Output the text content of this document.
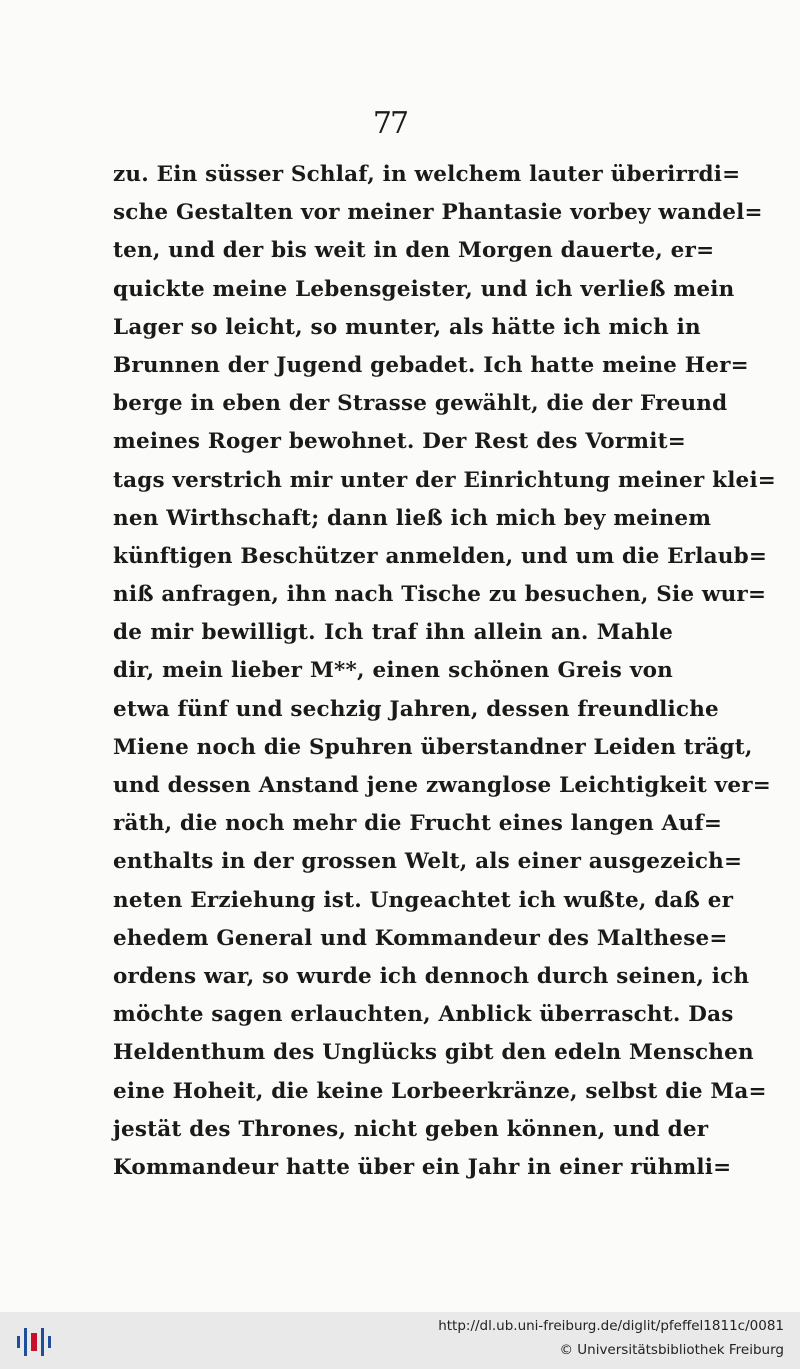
77
zu. Ein süsser Schlaf, in welchem lauter überirrdi=
sche Gestalten vor meiner Phantasie vorbey wandel=
ten, und der bis weit in den Morgen dauerte, er=
quickte meine Lebensgeister, und ich verließ mein
Lager so leicht, so munter, als hätte ich mich in
Brunnen der Jugend gebadet. Ich hatte meine Her=
berge in eben der Strasse gewählt, die der Freund
meines Roger bewohnet. Der Rest des Vormit=
tags verstrich mir unter der Einrichtung meiner klei=
nen Wirthschaft; dann ließ ich mich bey meinem
künftigen Beschützer anmelden, und um die Erlaub=
niß anfragen, ihn nach Tische zu besuchen, Sie wur=
de mir bewilligt. Ich traf ihn allein an. Mahle
dir, mein lieber M**, einen schönen Greis von
etwa fünf und sechzig Jahren, dessen freundliche
Miene noch die Spuhren überstandner Leiden trägt,
und dessen Anstand jene zwanglose Leichtigkeit ver=
räth, die noch mehr die Frucht eines langen Auf=
enthalts in der grossen Welt, als einer ausgezeich=
neten Erziehung ist. Ungeachtet ich wußte, daß er
ehedem General und Kommandeur des Malthese=
ordens war, so wurde ich dennoch durch seinen, ich
möchte sagen erlauchten, Anblick überrascht. Das
Heldenthum des Unglücks gibt den edeln Menschen
eine Hoheit, die keine Lorbeerkränze, selbst die Ma=
jestät des Thrones, nicht geben können, und der
Kommandeur hatte über ein Jahr in einer rühmli=
http://dl.ub.uni-freiburg.de/diglit/pfeffel1811c/0081
© Universitätsbibliothek Freiburg
